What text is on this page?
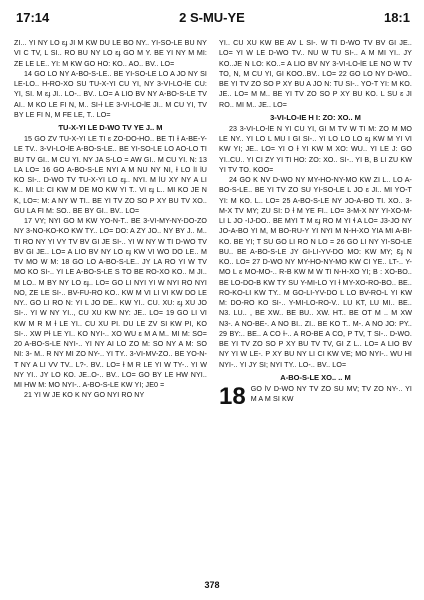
17:14	2 S-MU-YE	18:1

ZI... YI NY LO ɛɟ JI M KW DU LE BO NY.. YI-SO-LE BU NY VI C TV, L SI.. RO BU NY LO ɛɟ GO M Y. BE YI NY M MI: ZE LE LE.. YI: M KW GO HO: KO.. AO.. BV.. LO=

14 GO LO NY A-BO-S-LE.. BE YI-SO-LE LO A JO NY SI LE-LO.. H-RO-XO SU ƬU-X-YI CU YI, NY 3-VI-LO-ƖE CU: YI, SI. M ɛɟ JI.. LO-.. BV.. LO= A LIO BV NY A-BO-S-LE TV AI.. M KO LE FI N, M.. SI-Ɨ LE 3-VI-LO-ƖE JI.. M CU YI, TV BY LE FI N, M FE LE, T.. LO=

ƬU-X-YI LE D-WO TV YE J.. M

15 GO ZV ƬU-X-YI LE TI ɛ ZO-DO-HO.. BE TI Ɨ A-BE-Y-LE TV.. 3-VI-LO-ƖE A-BO-S-LE.. BE YI-SO-LE LO AO-LO TI BU TV GI.. M CU YI. NY JA S-LO = AW GI.. M CU YI. N: 13 LA LO= 16 GO A-BO-S-LE NYI A M NU NY NI, Ɨ LO ƖI ƖU KO SI-.. D-WO TV ƬU-X-YI LO ɛɟ.. NYI. M ƖU XY NY A LI K.. MI LI: CI KW M DE MO KW YI T.. VI ɛɟ L.. MI KO JE N K, LO=: M: A NY W TI.. BE YI TV ZO SO P XY BU TV XO.. GU LA FI M: SO.. BE BY GI.. BV.. LO=

17 VY; NYI GO M KW YO-N-T.. BE 3-VI-MY-NY-DO-ZO NY 3-NO-KO-KO KW TY.. LO= DO: A ZY JO.. NY BY J.. M.. TI RO NY YI VY TV BV GI JE SI-.. YI W NY W TI D-WO TV BV GI JE.. LO= A LIO BV NY LO ɛɟ KW VI WO DO LE.. M TV MO W M: 18 GO LO A-BO-S-LE.. JY LA RO YI W TV MO KO SI-.. YI LE A-BO-S-LE S TO BE RO-XO KO.. M JI.. M LO.. M BY NY LO ɛɟ.. LO= GO LI NYI YI W NYI RO NYI NO, ZE LE SI-.. BV-FU-RO KO.. KW M VI LI VI KW DO LE NY.. GO LI RO N: YI L JO DE.. KW YI.. CU. XU: ɛɟ XU JO SI-.. YI W NY YI.., CU XU KW NY: JE.. LO= 19 GO LI VI KW M R M Ɨ LE YI.. CU XU PI. DU LE ZV SI KW PI, KO SI-.. XW PƗ LE YI.. KO NYI-.. XO WU ɛ M A M.. MI M: SO= 20 A-BO-S-LE NYI-.. YI NY AI LO ZO M: SO NY A M: SO NI: 3- M.. R NY MI ZO NY-.. YI TY.. 3-VI-MV-ZO.. BE YO-N-T NY A LI VV TV.. L?-. BV.. LO= Ɨ M R LE YI W TY-.. YI W NY YI.. JY LO KO. JE..O-.. BV.. LO= GO BY LE HW NYI.. MI HW M: MO NYI-.. A-BO-S-LE KW YI; JE0 =

21 YI W JE KO K NY GO NYI RO NY

YI.. CU XU KW BE AV L SI-. W TI D-WO TV BV GI JE.. LO= YI W LE D-WO TV.. NU W TU SI-.. A M MI YI.. JY KO..JE N LO: KO..= A LIO BV NY 3-VI-LO-ƖE LE NO W TV TO, N, M CU YI, GI KOO..BV.. LO= 22 GO LO NY D-WO.. BE YI TV ZO SO P XY BU A JO N: TU SI-.. YO-T YI: M KO. JE.. LO= M M.. BE YI TV ZO SO P XY BU KO. L SU ɛ JI RO.. MI M.. JE.. LO=

3-VI-LO-ƖE H I: ZO: XO.. M

23 3-VI-LO-ƖE N YI CU YI, GI M TV W TI M: ZO M MO LE NY.. YI LO L MU I GI SI-.. YI LO LO LO ɛɟ KW M YI VI KW YI; JE.. LO= YI O Ɨ YI KW M XO: WU.. YI LE J: GO YI..CU.. YI CI ZY YI TI HO: ZO: XO.. SI-.. YI B, B LI ZU KW YI TV TO. KOO=

24 GO K NV D-WO NY MY-HO-NY-MO KW ZI L.. LO A-BO-S-LE.. BE YI TV ZO SU YI-SO-LE L JO ɛ JI.. MI YO-T YI: M KO. L.. LO= 25 A-BO-S-LE NY JO-A-BO TI. XO.. 3-M-X TV MY; ZU SI: D Ɨ M YE FI.. LO= 3-M-X NY YI-XO-M-LI L JO -IJ-DO.. BE MYI T M ɛɟ RO M YI ɬ A LO= J3-JO NY JO-A-BO YI M, M BO-RU-Y YI NYI M N-H-XO YIA MI A-BI-KO. BE YI; T SU GO LI RO N LO = 26 GO LI NY YI-SO-LE BU.. BE A-BO-S-LE JY GI-LI-YV-DO MO: KW MY; Ɛɟ N KO.. LO= 27 D-WO NY MY-HO-NY-MO KW CI YE.. LT-.. Y-MO L ɛ MO-MO-.. R-B KW M W TI N-H-XO YI; B : XO-BO.. BE LO-DO-B KW TY SU Y-MI-LO YI Ɨ MY-XO-RO-BO.. BE.. RO-KO-LI KW TY.. M GO-LI-YV-DO L LO BV-RO-L YI KW M: DO-RO KO SI-.. Y-MI-LO-RO-V.. LU KT, LU MI.. BE.. N3. LU.. , BE XW.. BE BU.. XW. HT.. BE OT M .. M XW N3-. A NO-BE-. A NO BI.. ZI.. BE KO T.. M-. A NO JO: PY.. 29 BY:.. BE.. A CO Ɨ-.. A RO-BE A CO, P TV, T SI-.. D-WO. BE YI TV ZO SO P XY BU TV TV, GI Z L.. LO= A LIO BV NY YI W LE-. P XY BU NY LI CI KW VE; MO NYI-.. WU HI NYI-.. YI JY SI; NYI TY.. LO-.. BV.. LO=

A-BO-S-LE XO.. .. M
18 GO ƖV D-WO NY TV ZO SU MV; TV ZO NY-.. YI M A M SI KW

378
